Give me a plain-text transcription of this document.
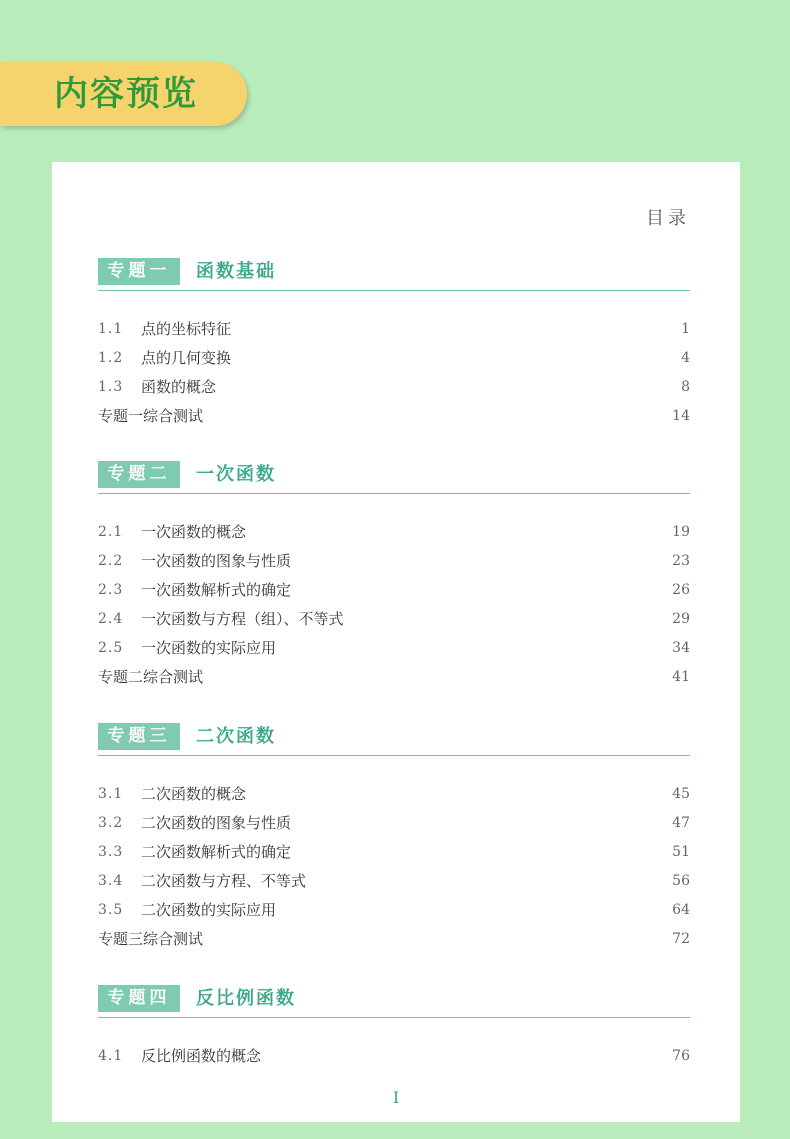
内容预览
目录
专题一	函数基础
1.1 点的坐标特征	1
1.2 点的几何变换	4
1.3 函数的概念	8
专题一综合测试	14
专题二	一次函数
2.1 一次函数的概念	19
2.2 一次函数的图象与性质	23
2.3 一次函数解析式的确定	26
2.4 一次函数与方程（组）、不等式	29
2.5 一次函数的实际应用	34
专题二综合测试	41
专题三	二次函数
3.1 二次函数的概念	45
3.2 二次函数的图象与性质	47
3.3 二次函数解析式的确定	51
3.4 二次函数与方程、不等式	56
3.5 二次函数的实际应用	64
专题三综合测试	72
专题四	反比例函数
4.1 反比例函数的概念	76
I
